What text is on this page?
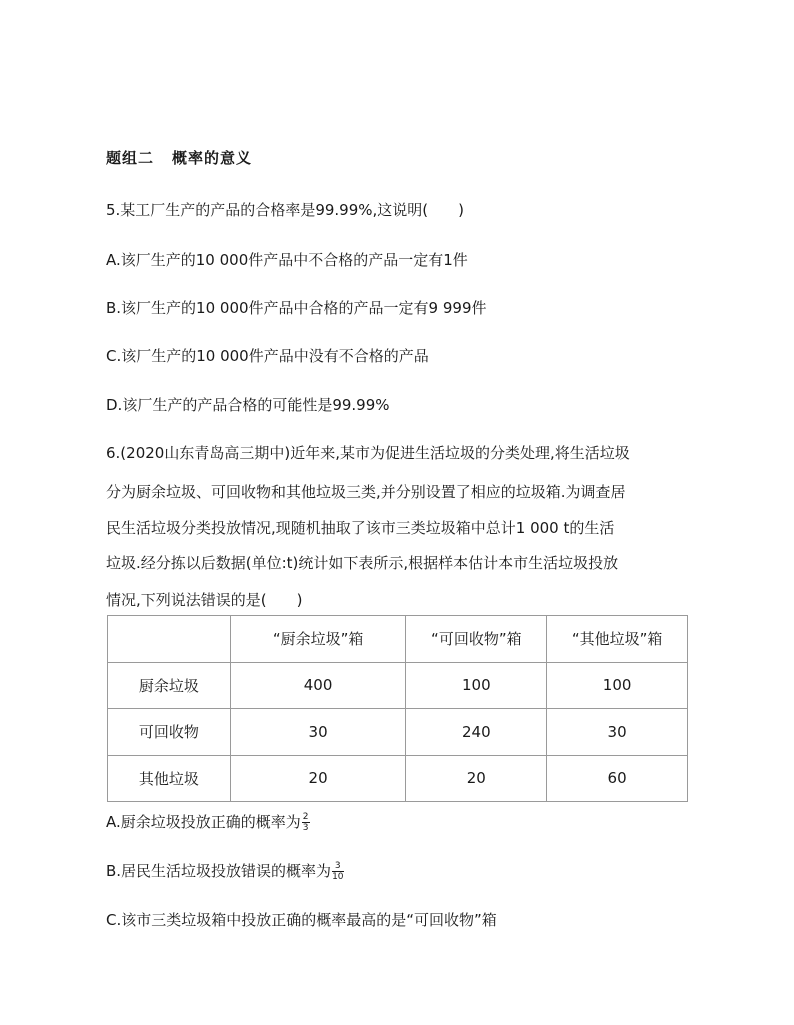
题组二 概率的意义
5.某工厂生产的产品的合格率是99.99%,这说明(　　)
A.该厂生产的10 000件产品中不合格的产品一定有1件
B.该厂生产的10 000件产品中合格的产品一定有9 999件
C.该厂生产的10 000件产品中没有不合格的产品
D.该厂生产的产品合格的可能性是99.99%
6.(2020山东青岛高三期中)近年来,某市为促进生活垃圾的分类处理,将生活垃圾
分为厨余垃圾、可回收物和其他垃圾三类,并分别设置了相应的垃圾箱.为调查居
民生活垃圾分类投放情况,现随机抽取了该市三类垃圾箱中总计1 000 t的生活
垃圾.经分拣以后数据(单位:t)统计如下表所示,根据样本估计本市生活垃圾投放
情况,下列说法错误的是(　　)
	“厨余垃圾”箱	“可回收物”箱	“其他垃圾”箱
厨余垃圾	400	100	100
可回收物	30	240	30
其他垃圾	20	20	60
A.厨余垃圾投放正确的概率为 $\frac{2}{3}$
B.居民生活垃圾投放错误的概率为 $\frac{3}{10}$
C.该市三类垃圾箱中投放正确的概率最高的是“可回收物”箱
